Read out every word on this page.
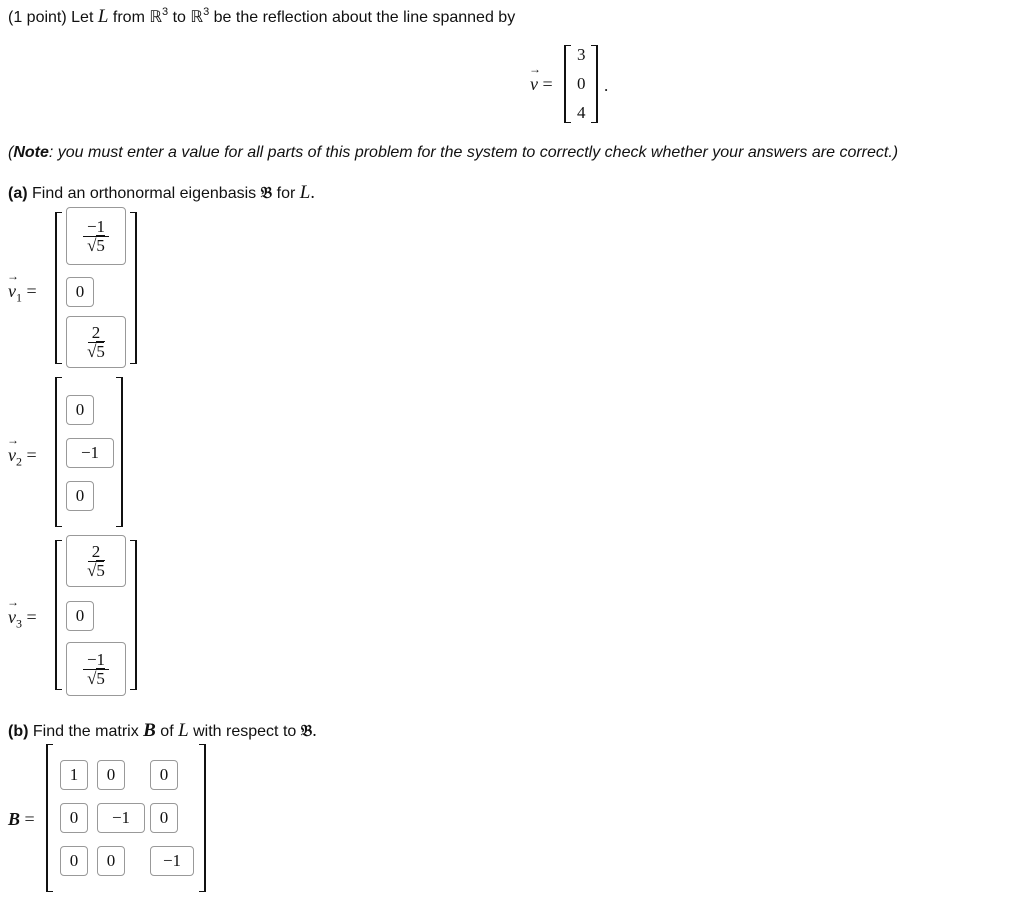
(1 point) Let L from ℝ$^3$ to ℝ$^3$ be the reflection about the line spanned by
→ v =
3
0
4
.
(Note: you must enter a value for all parts of this problem for the system to correctly check whether your answers are correct.)
(a) Find an orthonormal eigenbasis 𝔅 for L.
→ $v_1$ =
$\frac{-1}{√5}$
0
$\frac{2}{√5}$
→ $v_2$ =
0
−1
0
→ $v_3$ =
$\frac{2}{√5}$
0
$\frac{-1}{√5}$
(b) Find the matrix B of L with respect to 𝔅.
B =
1	0	0
0	−1	0
0	0	−1
